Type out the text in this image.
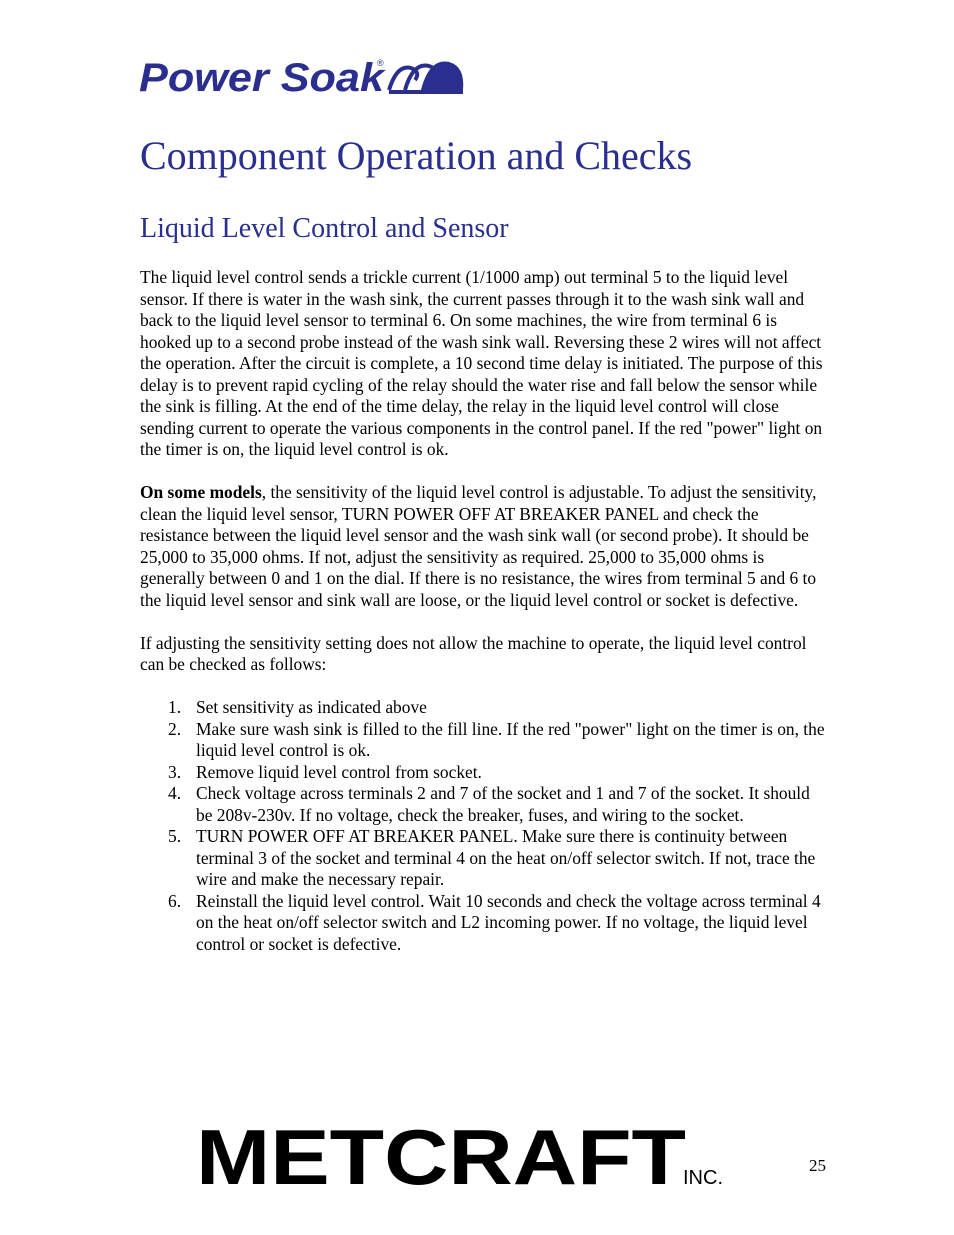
Power Soak
®
Component Operation and Checks
Liquid Level Control and Sensor

The liquid level control sends a trickle current (1/1000 amp) out terminal 5 to the liquid level sensor. If there is water in the wash sink, the current passes through it to the wash sink wall and back to the liquid level sensor to terminal 6. On some machines, the wire from terminal 6 is hooked up to a second probe instead of the wash sink wall. Reversing these 2 wires will not affect the operation. After the circuit is complete, a 10 second time delay is initiated. The purpose of this delay is to prevent rapid cycling of the relay should the water rise and fall below the sensor while the sink is filling. At the end of the time delay, the relay in the liquid level control will close sending current to operate the various components in the control panel. If the red "power" light on the timer is on, the liquid level control is ok.

On some models, the sensitivity of the liquid level control is adjustable. To adjust the sensitivity, clean the liquid level sensor, TURN POWER OFF AT BREAKER PANEL and check the resistance between the liquid level sensor and the wash sink wall (or second probe). It should be 25,000 to 35,000 ohms. If not, adjust the sensitivity as required. 25,000 to 35,000 ohms is generally between 0 and 1 on the dial. If there is no resistance, the wires from terminal 5 and 6 to the liquid level sensor and sink wall are loose, or the liquid level control or socket is defective.

If adjusting the sensitivity setting does not allow the machine to operate, the liquid level control can be checked as follows:

1. Set sensitivity as indicated above
2. Make sure wash sink is filled to the fill line. If the red "power" light on the timer is on, the liquid level control is ok.
3. Remove liquid level control from socket.
4. Check voltage across terminals 2 and 7 of the socket and 1 and 7 of the socket. It should be 208v-230v. If no voltage, check the breaker, fuses, and wiring to the socket.
5. TURN POWER OFF AT BREAKER PANEL. Make sure there is continuity between terminal 3 of the socket and terminal 4 on the heat on/off selector switch. If not, trace the wire and make the necessary repair.
6. Reinstall the liquid level control. Wait 10 seconds and check the voltage across terminal 4 on the heat on/off selector switch and L2 incoming power. If no voltage, the liquid level control or socket is defective.
METCRAFT
INC.
25
